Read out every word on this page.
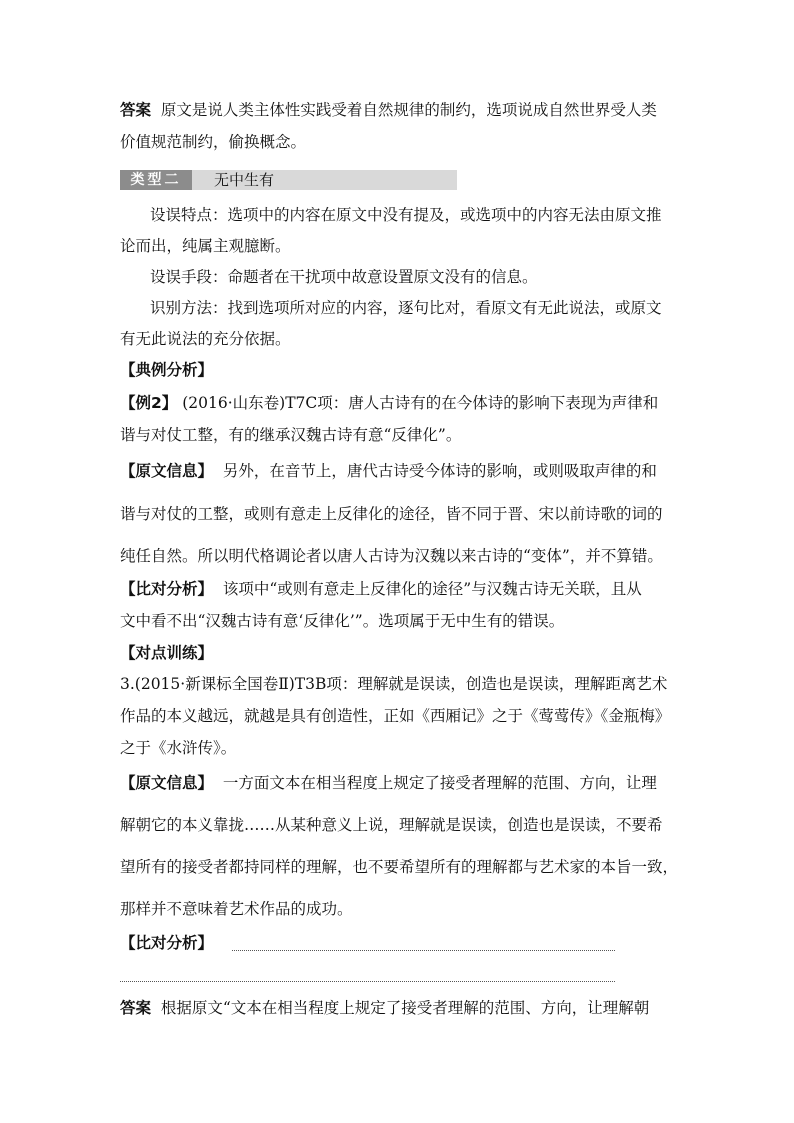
答案 原文是说人类主体性实践受着自然规律的制约，选项说成自然世界受人类
价值规范制约，偷换概念。
类型二	无中生有
设误特点：选项中的内容在原文中没有提及，或选项中的内容无法由原文推
论而出，纯属主观臆断。
设误手段：命题者在干扰项中故意设置原文没有的信息。
识别方法：找到选项所对应的内容，逐句比对，看原文有无此说法，或原文
有无此说法的充分依据。
【典例分析】
【例2】 (2016·山东卷)T7C项：唐人古诗有的在今体诗的影响下表现为声律和
谐与对仗工整，有的继承汉魏古诗有意“反律化”。
【原文信息】 另外，在音节上，唐代古诗受今体诗的影响，或则吸取声律的和
谐与对仗的工整，或则有意走上反律化的途径，皆不同于晋、宋以前诗歌的词的
纯任自然。所以明代格调论者以唐人古诗为汉魏以来古诗的“变体”，并不算错。
【比对分析】 该项中“或则有意走上反律化的途径”与汉魏古诗无关联，且从
文中看不出“汉魏古诗有意‘反律化’”。选项属于无中生有的错误。
【对点训练】
3.(2015·新课标全国卷Ⅱ)T3B项：理解就是误读，创造也是误读，理解距离艺术
作品的本义越远，就越是具有创造性，正如《西厢记》之于《莺莺传》《金瓶梅》
之于《水浒传》。
【原文信息】 一方面文本在相当程度上规定了接受者理解的范围、方向，让理
解朝它的本义靠拢……从某种意义上说，理解就是误读，创造也是误读，不要希
望所有的接受者都持同样的理解，也不要希望所有的理解都与艺术家的本旨一致，
那样并不意味着艺术作品的成功。
【比对分析】
答案 根据原文“文本在相当程度上规定了接受者理解的范围、方向，让理解朝
